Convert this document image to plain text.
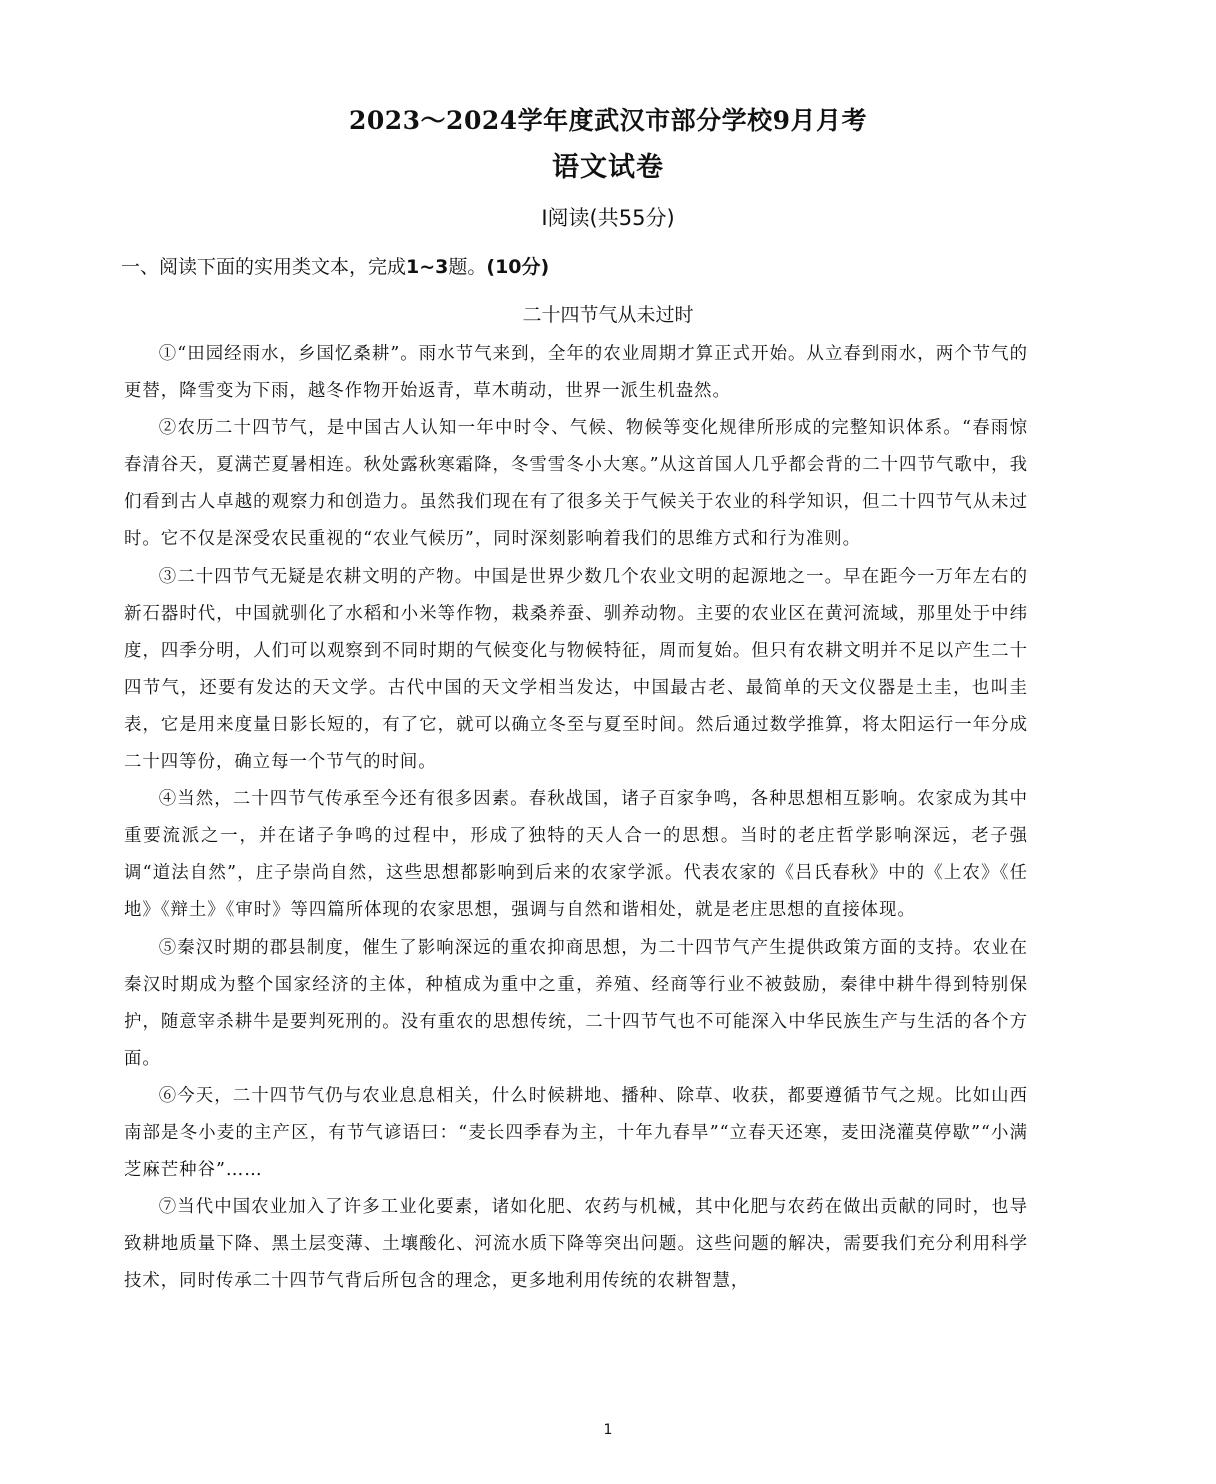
2023～2024学年度武汉市部分学校9月月考
语文试卷
Ⅰ阅读(共55分)
一、阅读下面的实用类文本，完成1~3题。(10分)
二十四节气从未过时

①“田园经雨水，乡国忆桑耕”。雨水节气来到，全年的农业周期才算正式开始。从立春到雨水，两个节气的更替，降雪变为下雨，越冬作物开始返青，草木萌动，世界一派生机盎然。

②农历二十四节气，是中国古人认知一年中时令、气候、物候等变化规律所形成的完整知识体系。“春雨惊春清谷天，夏满芒夏暑相连。秋处露秋寒霜降，冬雪雪冬小大寒。”从这首国人几乎都会背的二十四节气歌中，我们看到古人卓越的观察力和创造力。虽然我们现在有了很多关于气候关于农业的科学知识，但二十四节气从未过时。它不仅是深受农民重视的“农业气候历”，同时深刻影响着我们的思维方式和行为准则。

③二十四节气无疑是农耕文明的产物。中国是世界少数几个农业文明的起源地之一。早在距今一万年左右的新石器时代，中国就驯化了水稻和小米等作物，栽桑养蚕、驯养动物。主要的农业区在黄河流域，那里处于中纬度，四季分明，人们可以观察到不同时期的气候变化与物候特征，周而复始。但只有农耕文明并不足以产生二十四节气，还要有发达的天文学。古代中国的天文学相当发达，中国最古老、最简单的天文仪器是土圭，也叫圭表，它是用来度量日影长短的，有了它，就可以确立冬至与夏至时间。然后通过数学推算，将太阳运行一年分成二十四等份，确立每一个节气的时间。

④当然，二十四节气传承至今还有很多因素。春秋战国，诸子百家争鸣，各种思想相互影响。农家成为其中重要流派之一，并在诸子争鸣的过程中，形成了独特的天人合一的思想。当时的老庄哲学影响深远，老子强调“道法自然”，庄子崇尚自然，这些思想都影响到后来的农家学派。代表农家的《吕氏春秋》中的《上农》《任地》《辩土》《审时》等四篇所体现的农家思想，强调与自然和谐相处，就是老庄思想的直接体现。

⑤秦汉时期的郡县制度，催生了影响深远的重农抑商思想，为二十四节气产生提供政策方面的支持。农业在秦汉时期成为整个国家经济的主体，种植成为重中之重，养殖、经商等行业不被鼓励，秦律中耕牛得到特别保护，随意宰杀耕牛是要判死刑的。没有重农的思想传统，二十四节气也不可能深入中华民族生产与生活的各个方面。

⑥今天，二十四节气仍与农业息息相关，什么时候耕地、播种、除草、收获，都要遵循节气之规。比如山西南部是冬小麦的主产区，有节气谚语曰：“麦长四季春为主，十年九春旱”“立春天还寒，麦田浇灌莫停歇”“小满芝麻芒种谷”……

⑦当代中国农业加入了许多工业化要素，诸如化肥、农药与机械，其中化肥与农药在做出贡献的同时，也导致耕地质量下降、黑土层变薄、土壤酸化、河流水质下降等突出问题。这些问题的解决，需要我们充分利用科学技术，同时传承二十四节气背后所包含的理念，更多地利用传统的农耕智慧，

1
